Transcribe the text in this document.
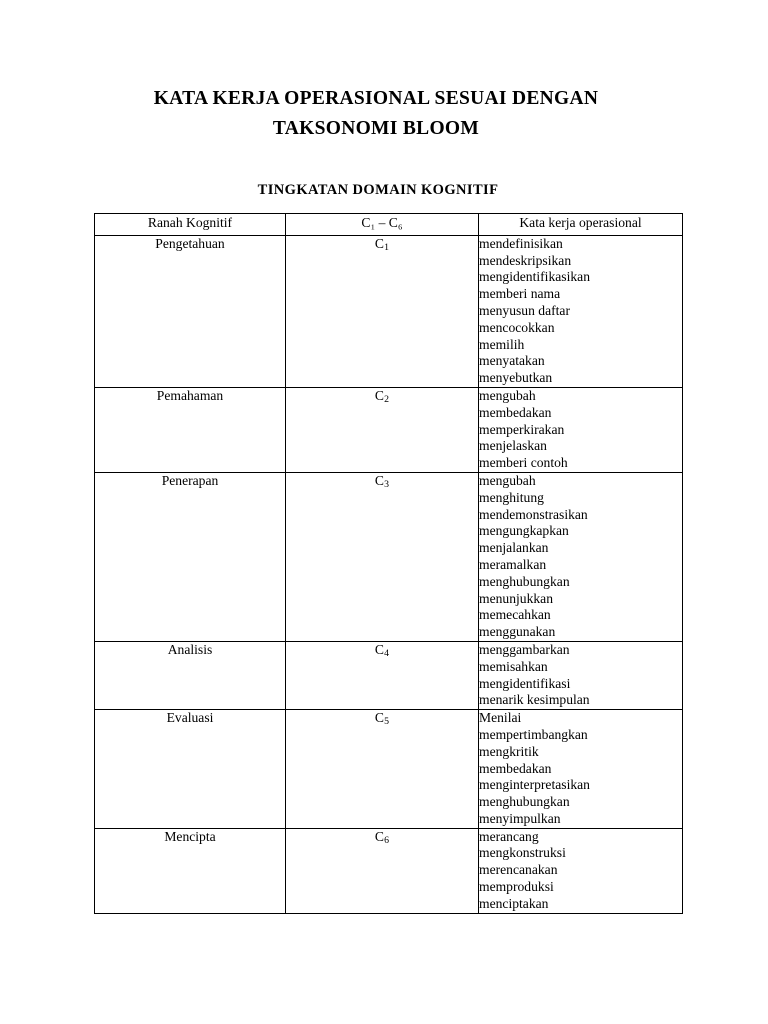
KATA KERJA OPERASIONAL SESUAI DENGAN
TAKSONOMI BLOOM
TINGKATAN DOMAIN KOGNITIF
Ranah Kognitif	C₁ – C₆	Kata kerja operasional
Pengetahuan	$C_1$	mendefinisikan
mendeskripsikan
mengidentifikasikan
memberi nama
menyusun daftar
mencocokkan
memilih
menyatakan
menyebutkan

Pemahaman	$C_2$	mengubah
membedakan
memperkirakan
menjelaskan
memberi contoh

Penerapan	$C_3$	mengubah
menghitung
mendemonstrasikan
mengungkapkan
menjalankan
meramalkan
menghubungkan
menunjukkan
memecahkan
menggunakan

Analisis	$C_4$	menggambarkan
memisahkan
mengidentifikasi
menarik kesimpulan

Evaluasi	$C_5$	Menilai
mempertimbangkan
mengkritik
membedakan
menginterpretasikan
menghubungkan
menyimpulkan

Mencipta	$C_6$	merancang
mengkonstruksi
merencanakan
memproduksi
menciptakan
